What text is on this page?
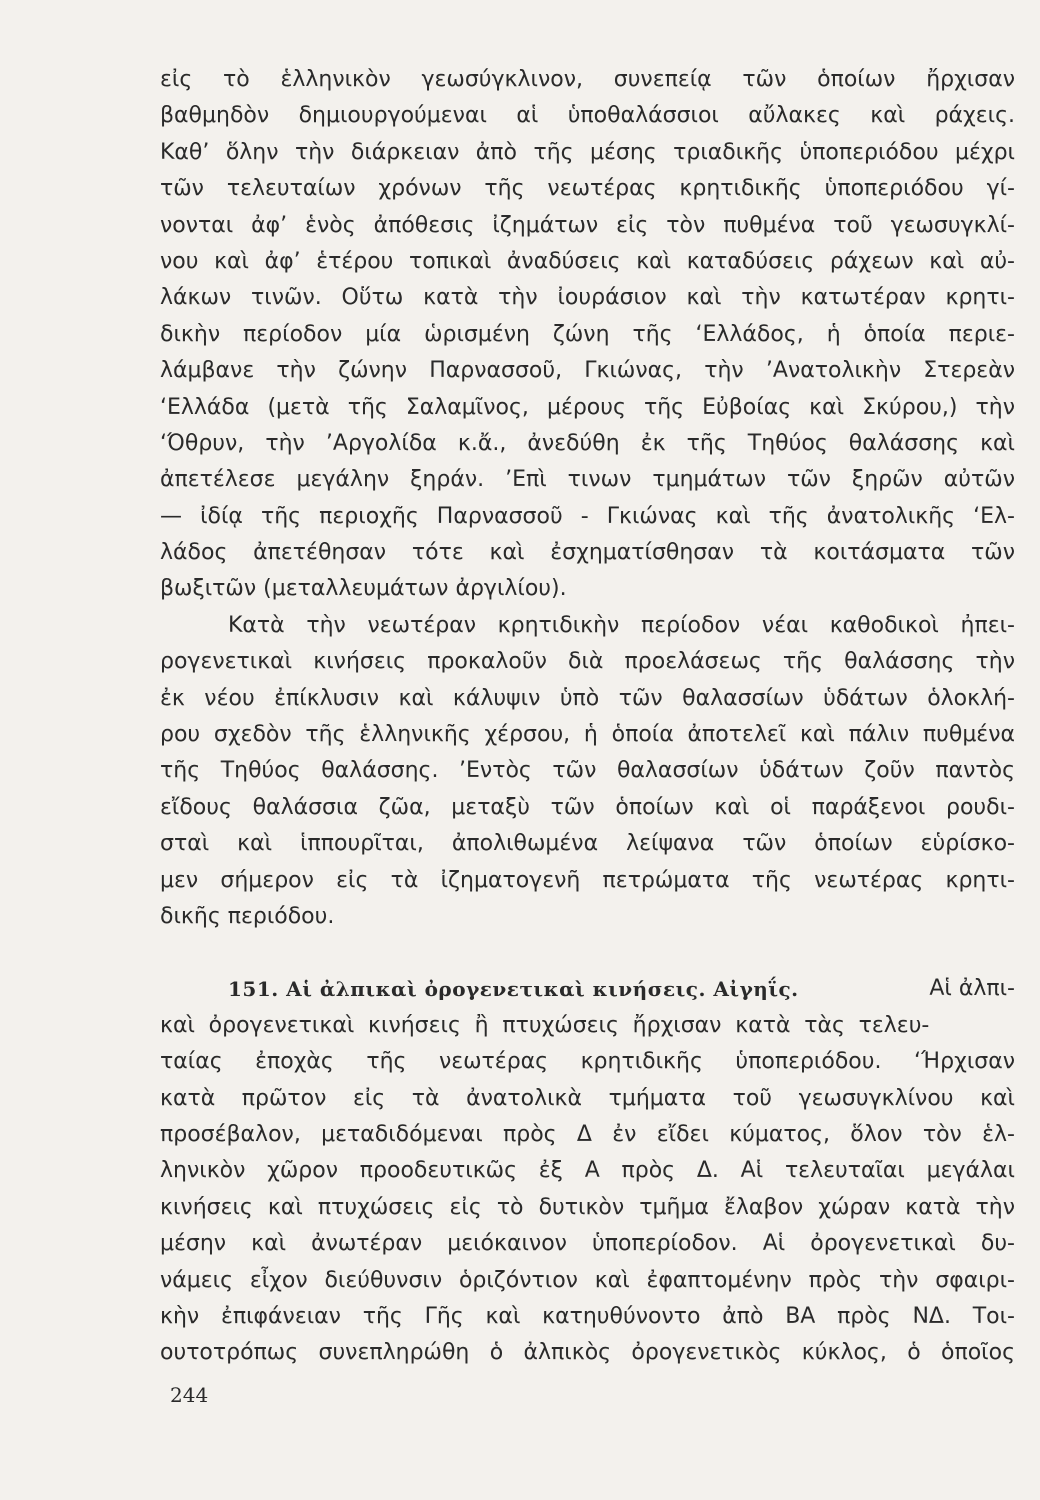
εἰς τὸ ἑλληνικὸν γεωσύγκλινον, συνεπείᾳ τῶν ὁποίων ἤρχισαν
βαθμηδὸν δημιουργούμεναι αἱ ὑποθαλάσσιοι αὔλακες καὶ ράχεις.
Καθ’ ὅλην τὴν διάρκειαν ἀπὸ τῆς μέσης τριαδικῆς ὑποπεριόδου μέχρι
τῶν τελευταίων χρόνων τῆς νεωτέρας κρητιδικῆς ὑποπεριόδου γί-
νονται ἀφ’ ἑνὸς ἀπόθεσις ἰζημάτων εἰς τὸν πυθμένα τοῦ γεωσυγκλί-
νου καὶ ἀφ’ ἑτέρου τοπικαὶ ἀναδύσεις καὶ καταδύσεις ράχεων καὶ αὐ-
λάκων τινῶν. Οὕτω κατὰ τὴν ἰουράσιον καὶ τὴν κατωτέραν κρητι-
δικὴν περίοδον μία ὡρισμένη ζώνη τῆς ‘Ελλάδος, ἡ ὁποία περιε-
λάμβανε τὴν ζώνην Παρνασσοῦ, Γκιώνας, τὴν ’Ανατολικὴν Στερεὰν
‘Ελλάδα (μετὰ τῆς Σαλαμῖνος, μέρους τῆς Εὐβοίας καὶ Σκύρου,) τὴν
‘Όθρυν, τὴν ’Αργολίδα κ.ἄ., ἀνεδύθη ἐκ τῆς Τηθύος θαλάσσης καὶ
ἀπετέλεσε μεγάλην ξηράν. ’Επὶ τινων τμημάτων τῶν ξηρῶν αὐτῶν
— ἰδίᾳ τῆς περιοχῆς Παρνασσοῦ - Γκιώνας καὶ τῆς ἀνατολικῆς ‘Ελ-
λάδος ἀπετέθησαν τότε καὶ ἐσχηματίσθησαν τὰ κοιτάσματα τῶν
βωξιτῶν (μεταλλευμάτων ἀργιλίου).
Κατὰ τὴν νεωτέραν κρητιδικὴν περίοδον νέαι καθοδικοὶ ἠπει-
ρογενετικαὶ κινήσεις προκαλοῦν διὰ προελάσεως τῆς θαλάσσης τὴν
ἐκ νέου ἐπίκλυσιν καὶ κάλυψιν ὑπὸ τῶν θαλασσίων ὑδάτων ὁλοκλή-
ρου σχεδὸν τῆς ἑλληνικῆς χέρσου, ἡ ὁποία ἀποτελεῖ καὶ πάλιν πυθμένα
τῆς Τηθύος θαλάσσης. ’Εντὸς τῶν θαλασσίων ὑδάτων ζοῦν παντὸς
εἴδους θαλάσσια ζῶα, μεταξὺ τῶν ὁποίων καὶ οἱ παράξενοι ρουδι-
σταὶ καὶ ἱππουρῖται, ἀπολιθωμένα λείψανα τῶν ὁποίων εὑρίσκο-
μεν σήμερον εἰς τὰ ἰζηματογενῆ πετρώματα τῆς νεωτέρας κρητι-
δικῆς περιόδου.
151. Αἱ ἀλπικαὶ ὀρογενετικαὶ κινήσεις. Αἰγηΐς.	Αἱ ἀλπι-
καὶ ὀρογενετικαὶ κινήσεις ἢ πτυχώσεις ἤρχισαν κατὰ τὰς τελευ-
ταίας ἐποχὰς τῆς νεωτέρας κρητιδικῆς ὑποπεριόδου. ‘Ήρχισαν
κατὰ πρῶτον εἰς τὰ ἀνατολικὰ τμήματα τοῦ γεωσυγκλίνου καὶ
προσέβαλον, μεταδιδόμεναι πρὸς Δ ἐν εἴδει κύματος, ὅλον τὸν ἑλ-
ληνικὸν χῶρον προοδευτικῶς ἐξ Α πρὸς Δ. Αἱ τελευταῖαι μεγάλαι
κινήσεις καὶ πτυχώσεις εἰς τὸ δυτικὸν τμῆμα ἔλαβον χώραν κατὰ τὴν
μέσην καὶ ἀνωτέραν μειόκαινον ὑποπερίοδον. Αἱ ὀρογενετικαὶ δυ-
νάμεις εἶχον διεύθυνσιν ὁριζόντιον καὶ ἐφαπτομένην πρὸς τὴν σφαιρι-
κὴν ἐπιφάνειαν τῆς Γῆς καὶ κατηυθύνοντο ἀπὸ ΒΑ πρὸς ΝΔ. Τοι-
ουτοτρόπως συνεπληρώθη ὁ ἀλπικὸς ὀρογενετικὸς κύκλος, ὁ ὁποῖος
244
